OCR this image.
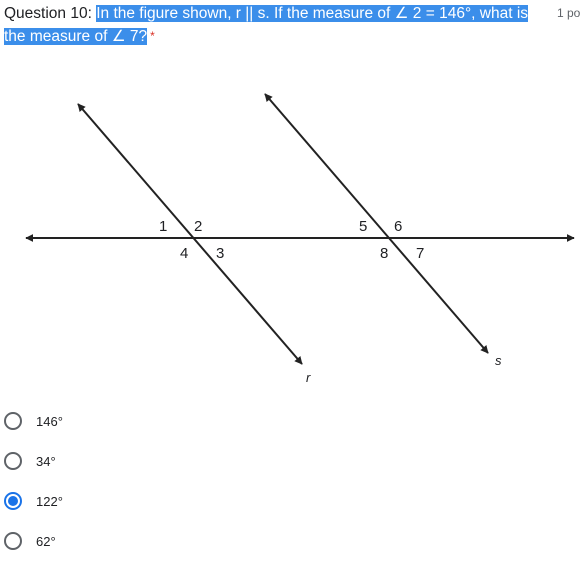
Question 10: In the figure shown, r || s. If the measure of ∠ 2 = 146°, what is
the measure of ∠ 7? *
1 po
1 2
4 3
5 6
8 7
r
s
146°
34°
122°
62°
